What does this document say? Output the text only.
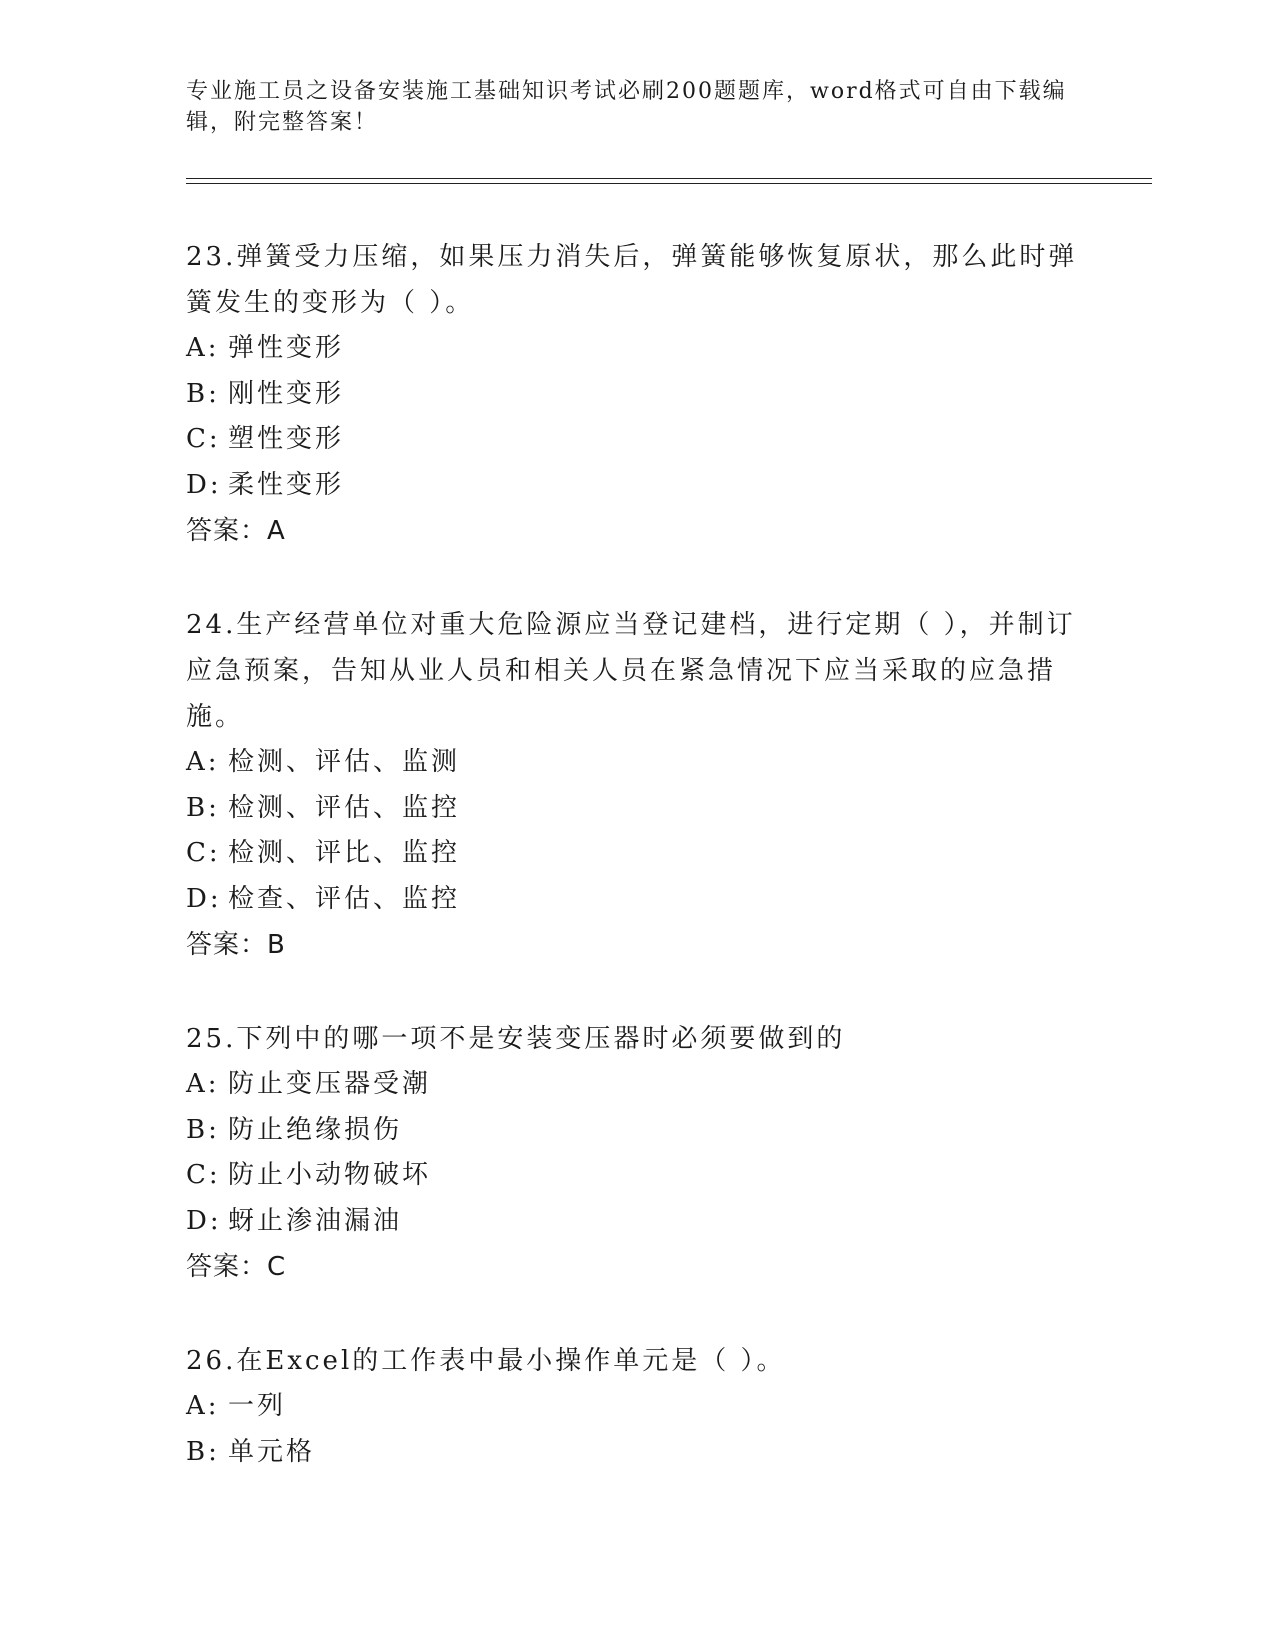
专业施工员之设备安装施工基础知识考试必刷200题题库，word格式可自由下载编辑，附完整答案！
23.弹簧受力压缩，如果压力消失后，弹簧能够恢复原状，那么此时弹簧发生的变形为（ ）。
A: 弹性变形
B: 刚性变形
C: 塑性变形
D: 柔性变形
答案：A
24.生产经营单位对重大危险源应当登记建档，进行定期（ ），并制订应急预案，告知从业人员和相关人员在紧急情况下应当采取的应急措施。
A: 检测、评估、监测
B: 检测、评估、监控
C: 检测、评比、监控
D: 检查、评估、监控
答案：B
25.下列中的哪一项不是安装变压器时必须要做到的
A: 防止变压器受潮
B: 防止绝缘损伤
C: 防止小动物破坏
D: 蚜止渗油漏油
答案：C
26.在Excel的工作表中最小操作单元是（ ）。
A: 一列
B: 单元格
